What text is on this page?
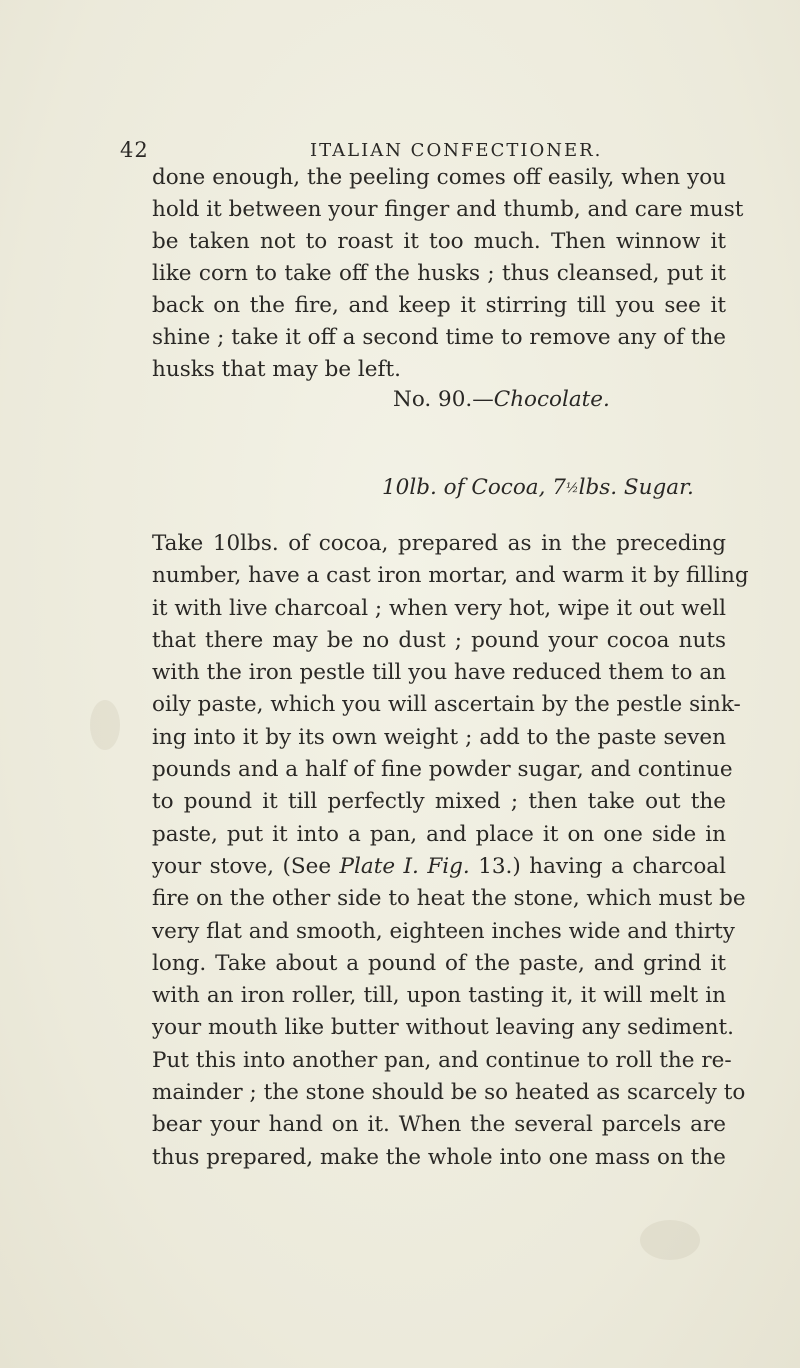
42	ITALIAN CONFECTIONER.
done enough, the peeling comes off easily, when you
hold it between your finger and thumb, and care must
be taken not to roast it too much. Then winnow it
like corn to take off the husks ; thus cleansed, put it
back on the fire, and keep it stirring till you see it
shine ; take it off a second time to remove any of the
husks that may be left.
No. 90.—Chocolate.
10lb. of Cocoa, 7½lbs. Sugar.
Take 10lbs. of cocoa, prepared as in the preceding
number, have a cast iron mortar, and warm it by filling
it with live charcoal ; when very hot, wipe it out well
that there may be no dust ; pound your cocoa nuts
with the iron pestle till you have reduced them to an
oily paste, which you will ascertain by the pestle sink-
ing into it by its own weight ; add to the paste seven
pounds and a half of fine powder sugar, and continue
to pound it till perfectly mixed ; then take out the
paste, put it into a pan, and place it on one side in
your stove, (See Plate I. Fig. 13.) having a charcoal
fire on the other side to heat the stone, which must be
very flat and smooth, eighteen inches wide and thirty
long. Take about a pound of the paste, and grind it
with an iron roller, till, upon tasting it, it will melt in
your mouth like butter without leaving any sediment.
Put this into another pan, and continue to roll the re-
mainder ; the stone should be so heated as scarcely to
bear your hand on it. When the several parcels are
thus prepared, make the whole into one mass on the
